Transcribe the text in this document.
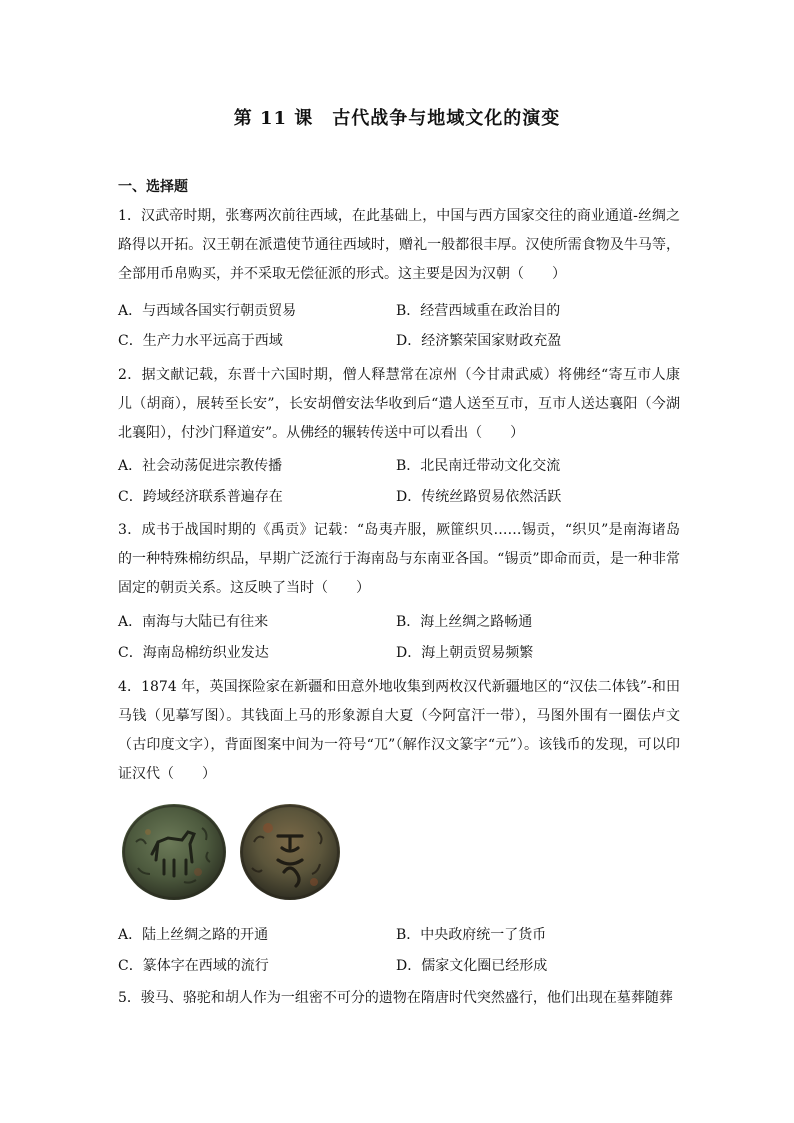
第 11 课　古代战争与地域文化的演变
一、选择题

1．汉武帝时期，张骞两次前往西域，在此基础上，中国与西方国家交往的商业通道-丝绸之路得以开拓。汉王朝在派遣使节通往西域时，赠礼一般都很丰厚。汉使所需食物及牛马等，全部用币帛购买，并不采取无偿征派的形式。这主要是因为汉朝（　　）

A．与西域各国实行朝贡贸易	B．经营西域重在政治目的
C．生产力水平远高于西域	D．经济繁荣国家财政充盈

2．据文献记载，东晋十六国时期，僧人释慧常在凉州（今甘肃武威）将佛经“寄互市人康儿（胡商），展转至长安”，长安胡僧安法华收到后“遣人送至互市，互市人送达襄阳（今湖北襄阳），付沙门释道安”。从佛经的辗转传送中可以看出（　　）

A．社会动荡促进宗教传播	B．北民南迁带动文化交流
C．跨域经济联系普遍存在	D．传统丝路贸易依然活跃

3．成书于战国时期的《禹贡》记载：“岛夷卉服，厥篚织贝……锡贡，“织贝”是南海诸岛的一种特殊棉纺织品，早期广泛流行于海南岛与东南亚各国。“锡贡”即命而贡，是一种非常固定的朝贡关系。这反映了当时（　　）

A．南海与大陆已有往来	B．海上丝绸之路畅通
C．海南岛棉纺织业发达	D．海上朝贡贸易频繁

4．1874 年，英国探险家在新疆和田意外地收集到两枚汉代新疆地区的“汉佉二体钱”-和田马钱（见摹写图）。其钱面上马的形象源自大夏（今阿富汗一带），马图外围有一圈佉卢文（古印度文字），背面图案中间为一符号“兀”（解作汉文篆字“元”）。该钱币的发现，可以印证汉代（　　）

A．陆上丝绸之路的开通	B．中央政府统一了货币
C．篆体字在西域的流行	D．儒家文化圈已经形成

5．骏马、骆驼和胡人作为一组密不可分的遗物在隋唐时代突然盛行，他们出现在墓葬随葬
